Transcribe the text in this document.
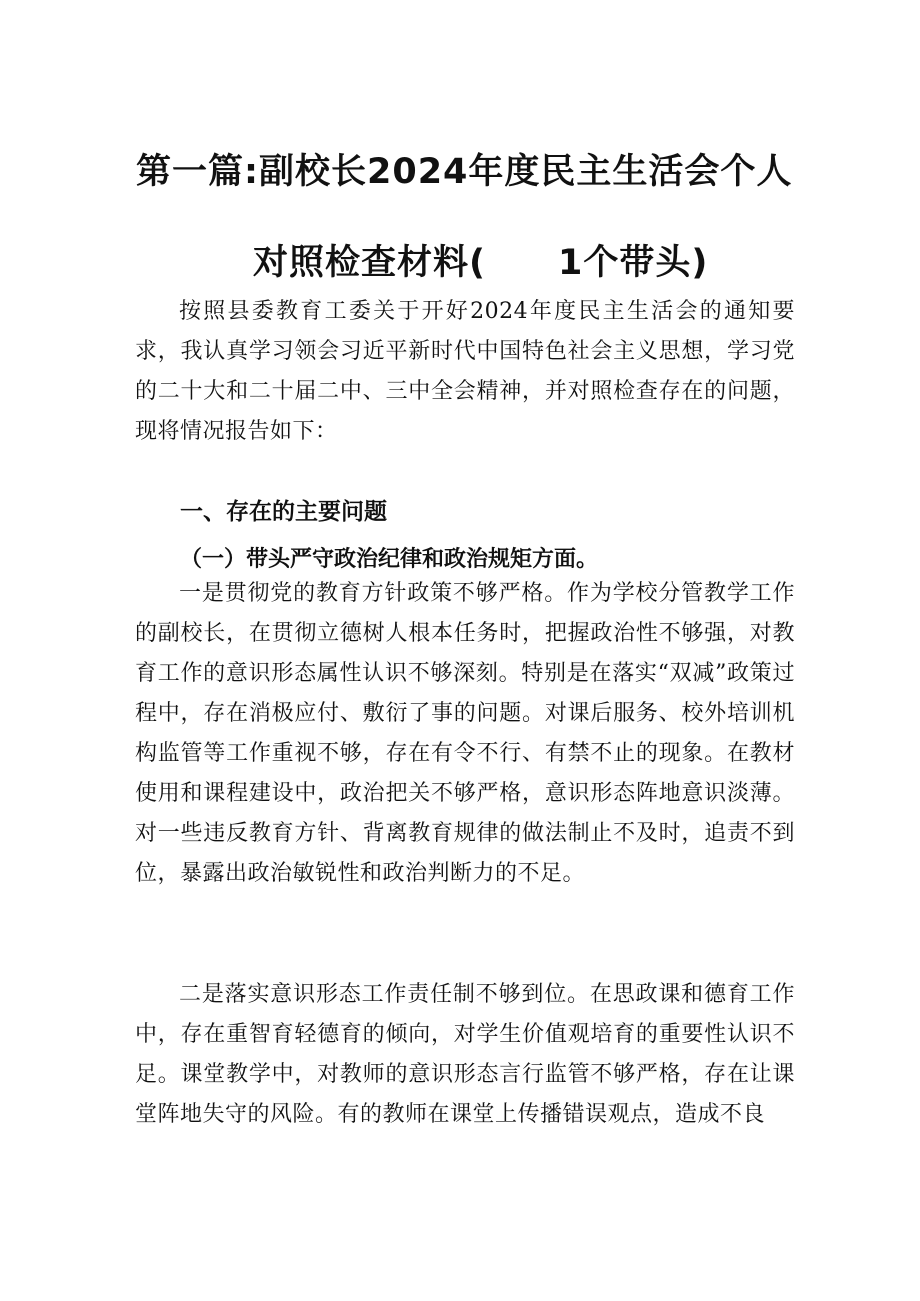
第一篇:副校长2024年度民主生活会个人
对照检查材料(　　1个带头)

按照县委教育工委关于开好2024年度民主生活会的通知要求，我认真学习领会习近平新时代中国特色社会主义思想，学习党的二十大和二十届二中、三中全会精神，并对照检查存在的问题，现将情况报告如下：

一、存在的主要问题
（一）带头严守政治纪律和政治规矩方面。

一是贯彻党的教育方针政策不够严格。作为学校分管教学工作的副校长，在贯彻立德树人根本任务时，把握政治性不够强，对教育工作的意识形态属性认识不够深刻。特别是在落实“双减”政策过程中，存在消极应付、敷衍了事的问题。对课后服务、校外培训机构监管等工作重视不够，存在有令不行、有禁不止的现象。在教材使用和课程建设中，政治把关不够严格，意识形态阵地意识淡薄。对一些违反教育方针、背离教育规律的做法制止不及时，追责不到位，暴露出政治敏锐性和政治判断力的不足。

二是落实意识形态工作责任制不够到位。在思政课和德育工作中，存在重智育轻德育的倾向，对学生价值观培育的重要性认识不足。课堂教学中，对教师的意识形态言行监管不够严格，存在让课堂阵地失守的风险。有的教师在课堂上传播错误观点，造成不良
